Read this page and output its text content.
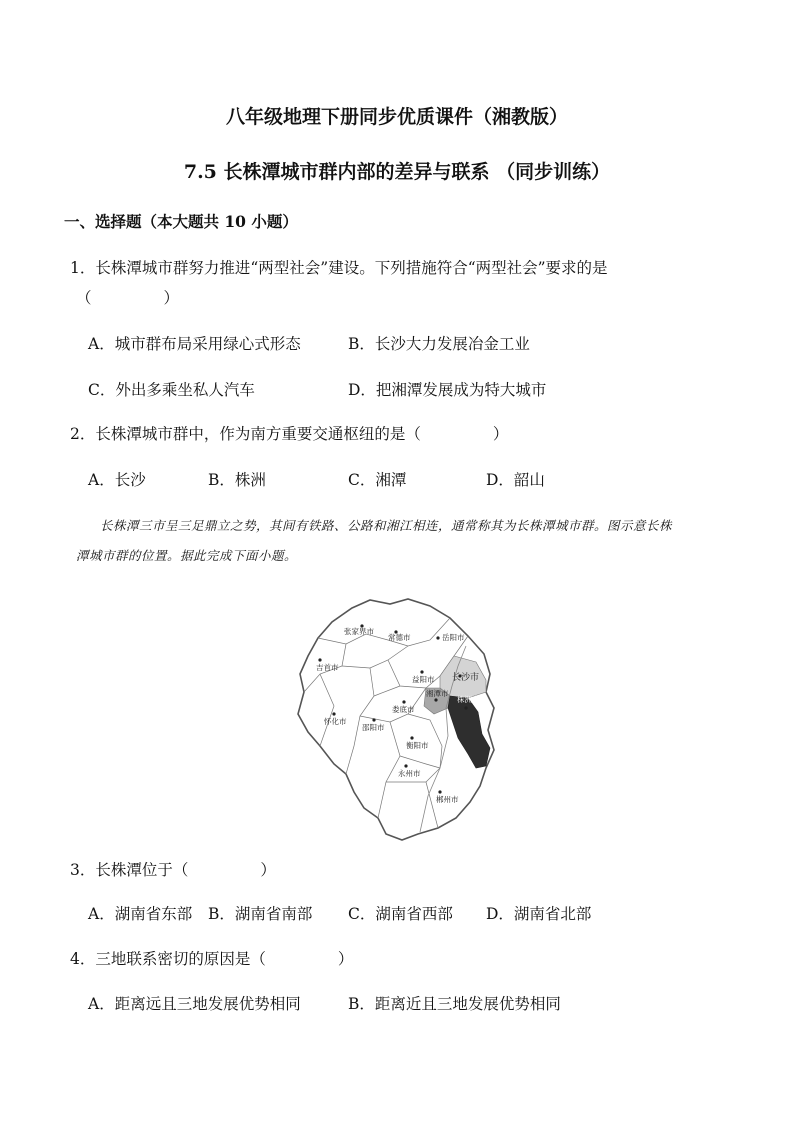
八年级地理下册同步优质课件（湘教版）
7.5 长株潭城市群内部的差异与联系 （同步训练）
一、选择题（本大题共 10 小题）
1．长株潭城市群努力推进“两型社会”建设。下列措施符合“两型社会”要求的是
（	）
A．城市群布局采用绿心式形态	B．长沙大力发展冶金工业
C．外出多乘坐私人汽车	D．把湘潭发展成为特大城市
2．长株潭城市群中，作为南方重要交通枢纽的是（	）
A．长沙	B．株洲	C．湘潭	D．韶山
长株潭三市呈三足鼎立之势，其间有铁路、公路和湘江相连，通常称其为长株潭城市群。图示意长株
潭城市群的位置。据此完成下面小题。
张家界市
常德市	岳阳市
吉首市
益阳市 长沙市
湘潭市
株洲市
娄底市
怀化市
邵阳市
衡阳市
永州市
郴州市
3．长株潭位于（	）
A．湖南省东部 B．湖南省南部 C．湖南省西部 D．湖南省北部
4．三地联系密切的原因是（	）
A．距离远且三地发展优势相同	B．距离近且三地发展优势相同
